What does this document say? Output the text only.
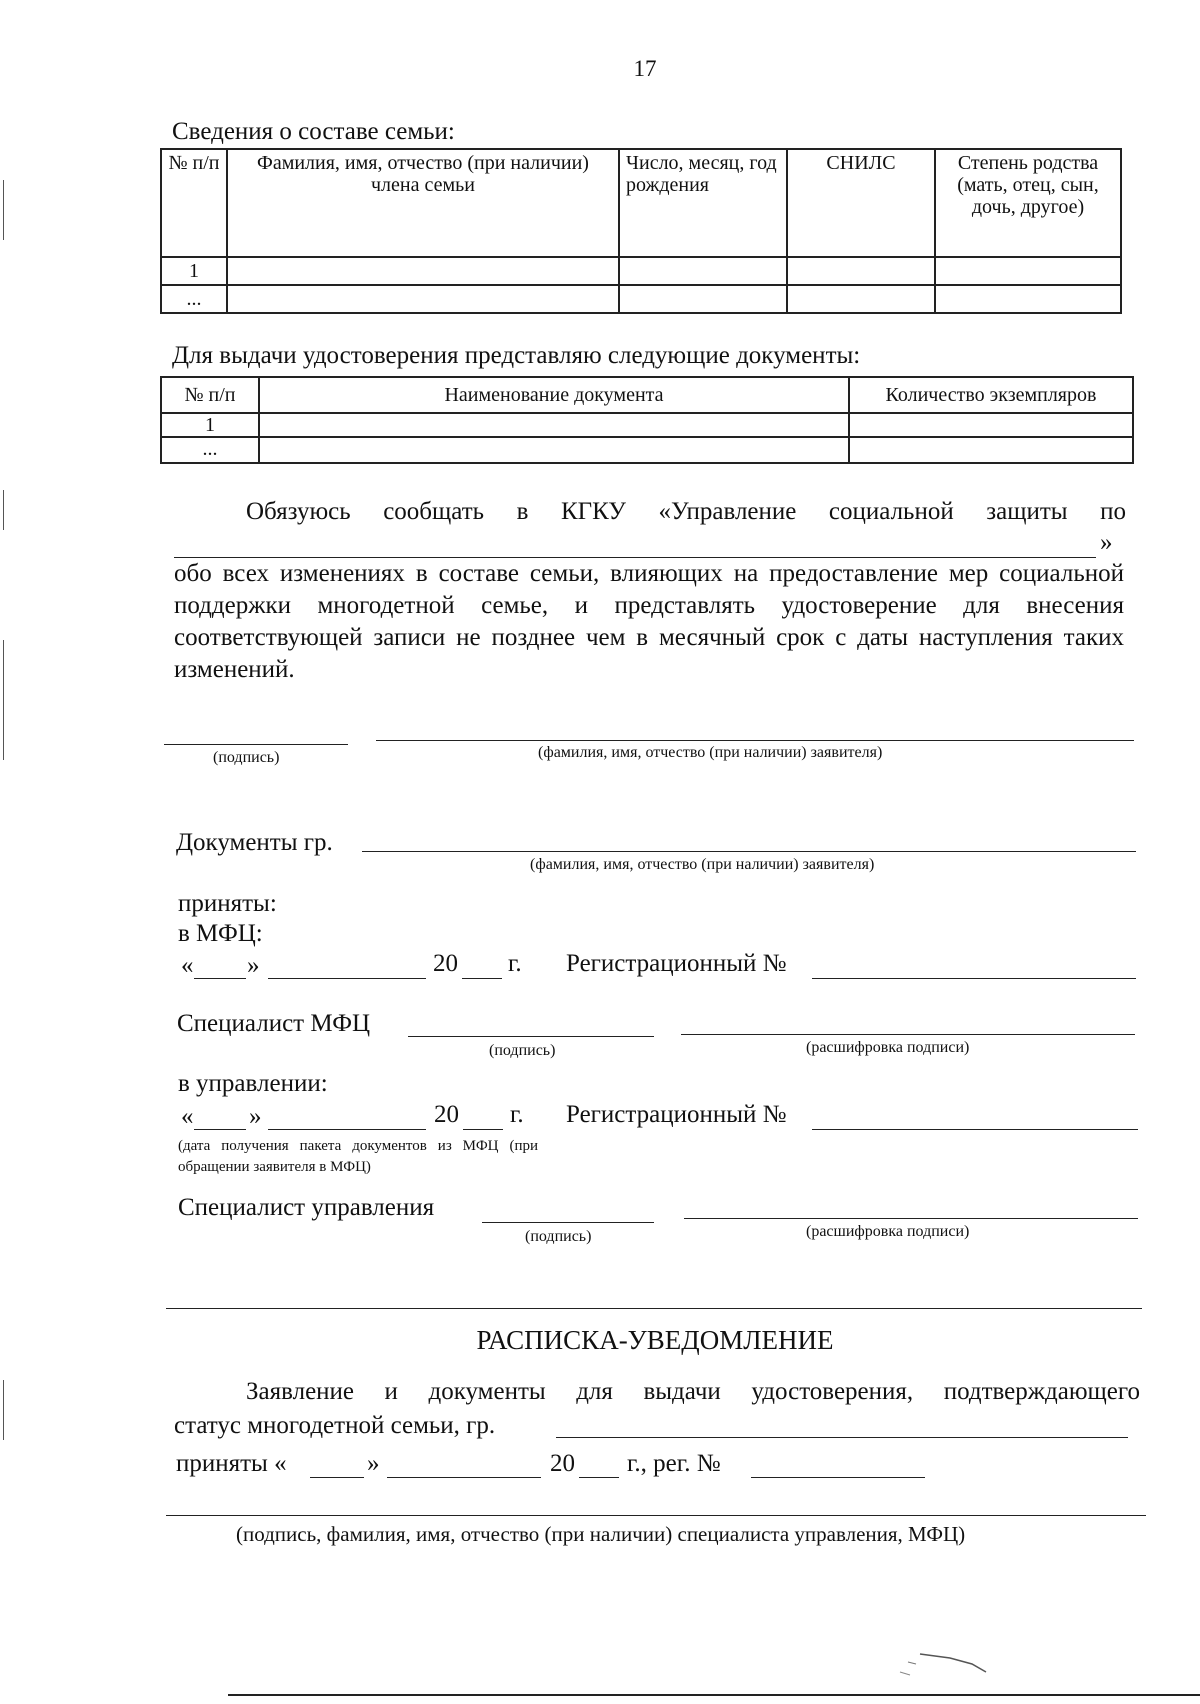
17
Сведения о составе семьи:
№ п/п	Фамилия, имя, отчество (при наличии) члена семьи	Число, месяц, год рождения	СНИЛС	Степень родства (мать, отец, сын, дочь, другое)
1				
...				
Для выдачи удостоверения представляю следующие документы:
№ п/п	Наименование документа	Количество экземпляров
1		
...		
Обязуюсь сообщать в КГКУ «Управление социальной защиты по
»
обо всех изменениях в составе семьи, влияющих на предоставление мер социальной поддержки многодетной семье, и представлять удостоверение для внесения соответствующей записи не позднее чем в месячный срок с даты наступления таких изменений.
(подпись)	(фамилия, имя, отчество (при наличии) заявителя)
Документы гр.
(фамилия, имя, отчество (при наличии) заявителя)
приняты:
в МФЦ:
« »	20 г. Регистрационный №
Специалист МФЦ
(подпись)	(расшифровка подписи)
в управлении:
« »	20 г. Регистрационный №
(дата получения пакета документов из МФЦ (при обращении заявителя в МФЦ)
Специалист управления
(подпись)	(расшифровка подписи)
РАСПИСКА-УВЕДОМЛЕНИЕ
Заявление и документы для выдачи удостоверения, подтверждающего
статус многодетной семьи, гр.
приняты «	»	20 г., рег. №
(подпись, фамилия, имя, отчество (при наличии) специалиста управления, МФЦ)
